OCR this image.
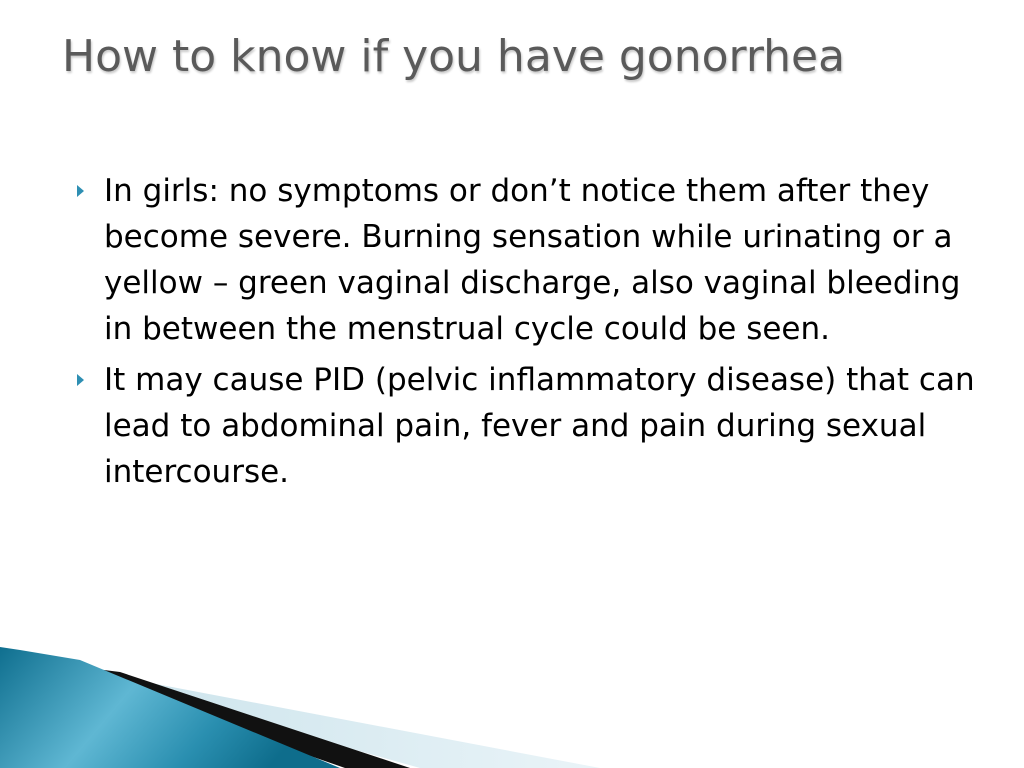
How to know if you have gonorrhea
In girls: no symptoms or don’t notice them after they become severe. Burning sensation while urinating or a yellow – green vaginal discharge, also vaginal bleeding in between the menstrual cycle could be seen.
It may cause PID (pelvic inflammatory disease) that can lead to abdominal pain, fever and pain during sexual intercourse.
